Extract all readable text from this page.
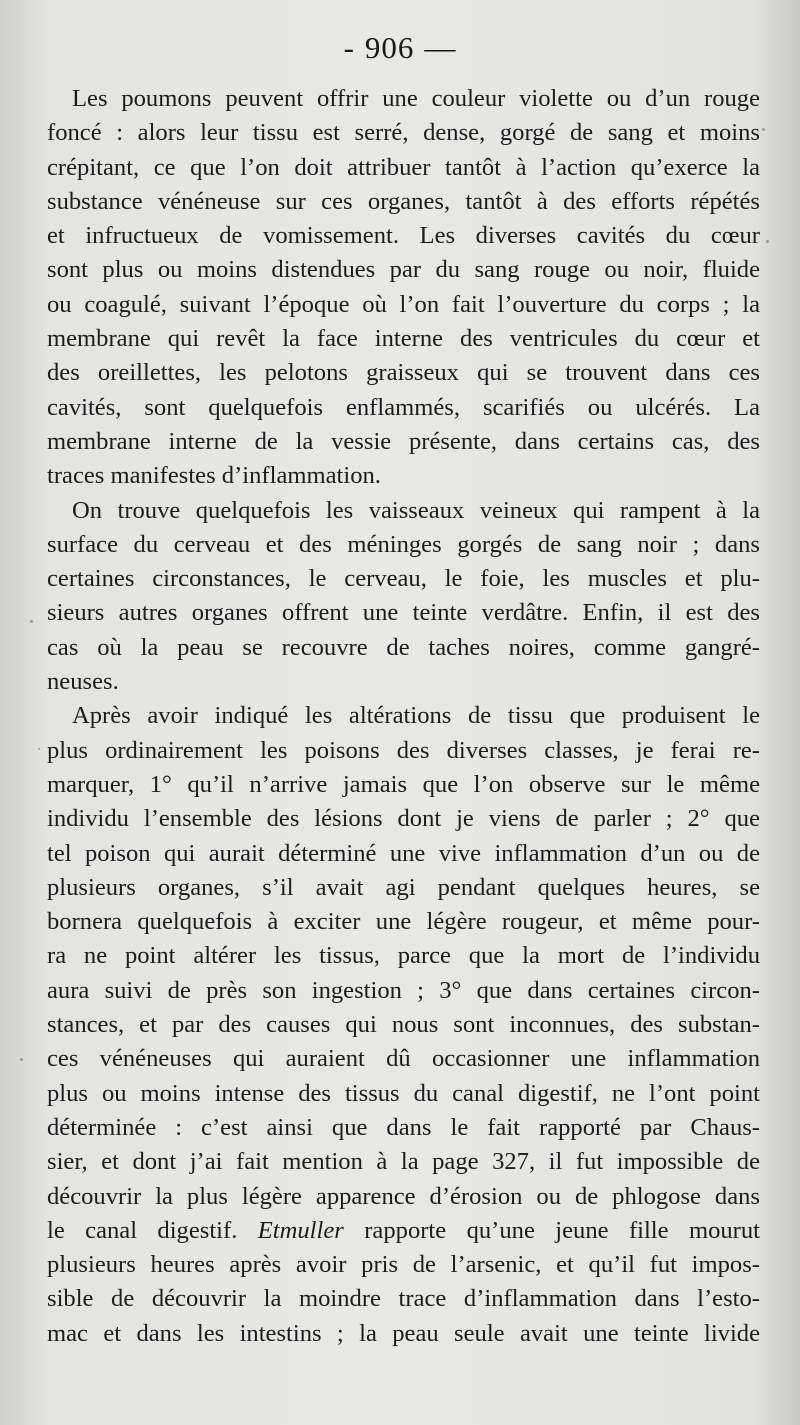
- 906 —
Les poumons peuvent offrir une couleur violette ou d’un rouge
foncé : alors leur tissu est serré, dense, gorgé de sang et moins
crépitant, ce que l’on doit attribuer tantôt à l’action qu’exerce la
substance vénéneuse sur ces organes, tantôt à des efforts répétés
et infructueux de vomissement. Les diverses cavités du cœur
sont plus ou moins distendues par du sang rouge ou noir, fluide
ou coagulé, suivant l’époque où l’on fait l’ouverture du corps ; la
membrane qui revêt la face interne des ventricules du cœur et
des oreillettes, les pelotons graisseux qui se trouvent dans ces
cavités, sont quelquefois enflammés, scarifiés ou ulcérés. La
membrane interne de la vessie présente, dans certains cas, des
traces manifestes d’inflammation.
On trouve quelquefois les vaisseaux veineux qui rampent à la
surface du cerveau et des méninges gorgés de sang noir ; dans
certaines circonstances, le cerveau, le foie, les muscles et plu-
sieurs autres organes offrent une teinte verdâtre. Enfin, il est des
cas où la peau se recouvre de taches noires, comme gangré-
neuses.
Après avoir indiqué les altérations de tissu que produisent le
plus ordinairement les poisons des diverses classes, je ferai re-
marquer, 1° qu’il n’arrive jamais que l’on observe sur le même
individu l’ensemble des lésions dont je viens de parler ; 2° que
tel poison qui aurait déterminé une vive inflammation d’un ou de
plusieurs organes, s’il avait agi pendant quelques heures, se
bornera quelquefois à exciter une légère rougeur, et même pour-
ra ne point altérer les tissus, parce que la mort de l’individu
aura suivi de près son ingestion ; 3° que dans certaines circon-
stances, et par des causes qui nous sont inconnues, des substan-
ces vénéneuses qui auraient dû occasionner une inflammation
plus ou moins intense des tissus du canal digestif, ne l’ont point
déterminée : c’est ainsi que dans le fait rapporté par Chaus-
sier, et dont j’ai fait mention à la page 327, il fut impossible de
découvrir la plus légère apparence d’érosion ou de phlogose dans
le canal digestif. Etmuller rapporte qu’une jeune fille mourut
plusieurs heures après avoir pris de l’arsenic, et qu’il fut impos-
sible de découvrir la moindre trace d’inflammation dans l’esto-
mac et dans les intestins ; la peau seule avait une teinte livide
